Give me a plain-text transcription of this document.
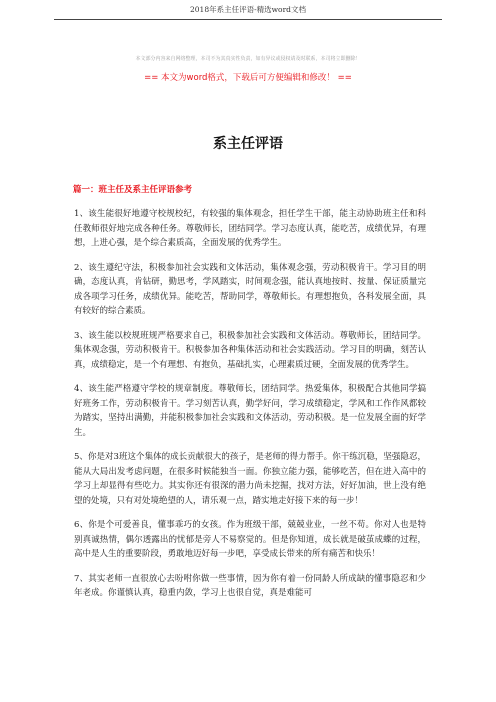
2018年系主任评语-精选word文档
本文部分内容来自网络整理，本司不为其真实性负责，如有异议或侵权请及时联系，本司将立即删除！
== 本文为word格式，下载后可方便编辑和修改！ ==
系主任评语
篇一：班主任及系主任评语参考

1、该生能很好地遵守校规校纪，有较强的集体观念，担任学生干部，能主动协助班主任和科任教师很好地完成各种任务。尊敬师长，团结同学。学习态度认真，能吃苦，成绩优异，有理想，上进心强，是个综合素质高，全面发展的优秀学生。

2、该生遵纪守法，积极参加社会实践和文体活动，集体观念强，劳动积极肯干。学习目的明确，态度认真，肯钻研，勤思考，学风踏实，时间观念强，能认真地按时、按量、保证质量完成各项学习任务，成绩优异。能吃苦，帮助同学，尊敬师长。有理想抱负，各科发展全面，具有较好的综合素质。

3、该生能以校规班规严格要求自己，积极参加社会实践和文体活动。尊敬师长，团结同学。集体观念强，劳动积极肯干。积极参加各种集体活动和社会实践活动。学习目的明确，刻苦认真，成绩稳定，是一个有理想、有抱负，基础扎实，心理素质过硬，全面发展的优秀学生。

4、该生能严格遵守学校的规章制度。尊敬师长，团结同学。热爱集体，积极配合其他同学搞好班务工作，劳动积极肯干。学习刻苦认真，勤学好问，学习成绩稳定，学风和工作作风都较为踏实，坚持出满勤，并能积极参加社会实践和文体活动，劳动积极。是一位发展全面的好学生。

5、你是对3班这个集体的成长贡献很大的孩子，是老师的得力帮手。你干练沉稳，坚强隐忍，能从大局出发考虑问题，在很多时候能独当一面。你独立能力强，能够吃苦，但在进入高中的学习上却显得有些吃力。其实你还有很深的潜力尚未挖掘，找对方法，好好加油，世上没有绝望的处境，只有对处境绝望的人，请乐观一点，踏实地走好接下来的每一步！

6、你是个可爱善良，懂事乖巧的女孩。作为班级干部，兢兢业业，一丝不苟。你对人也是特别真诚热情，偶尔透露出的忧郁是旁人不易察觉的。但是你知道，成长就是破茧成蝶的过程，高中是人生的重要阶段，勇敢地迈好每一步吧，享受成长带来的所有痛苦和快乐！

7、其实老师一直很放心去吩咐你做一些事情，因为你有着一份同龄人所成缺的懂事隐忍和少年老成。你谨慎认真，稳重内敛，学习上也很自觉，真是难能可
